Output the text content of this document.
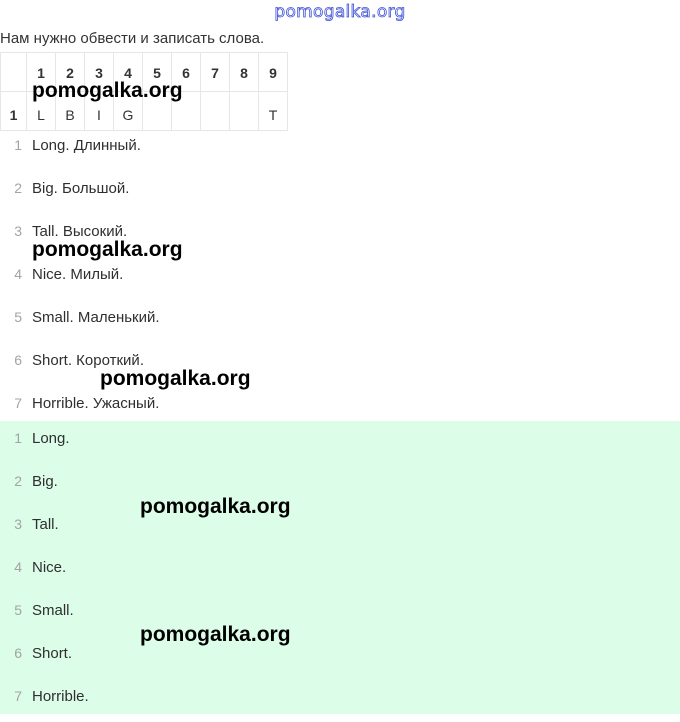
pomogalka.org
Нам нужно обвести и записать слова.
	1	2	3	4	5	6	7	8	9
1	L	B	I	G					T
1 Long. Длинный.
2 Big. Большой.
3 Tall. Высокий.
4 Nice. Милый.
5 Small. Маленький.
6 Short. Короткий.
7 Horrible. Ужасный.
1 Long.
2 Big.
3 Tall.
4 Nice.
5 Small.
6 Short.
7 Horrible.
pomogalka.org
pomogalka.org
pomogalka.org
pomogalka.org
pomogalka.org
